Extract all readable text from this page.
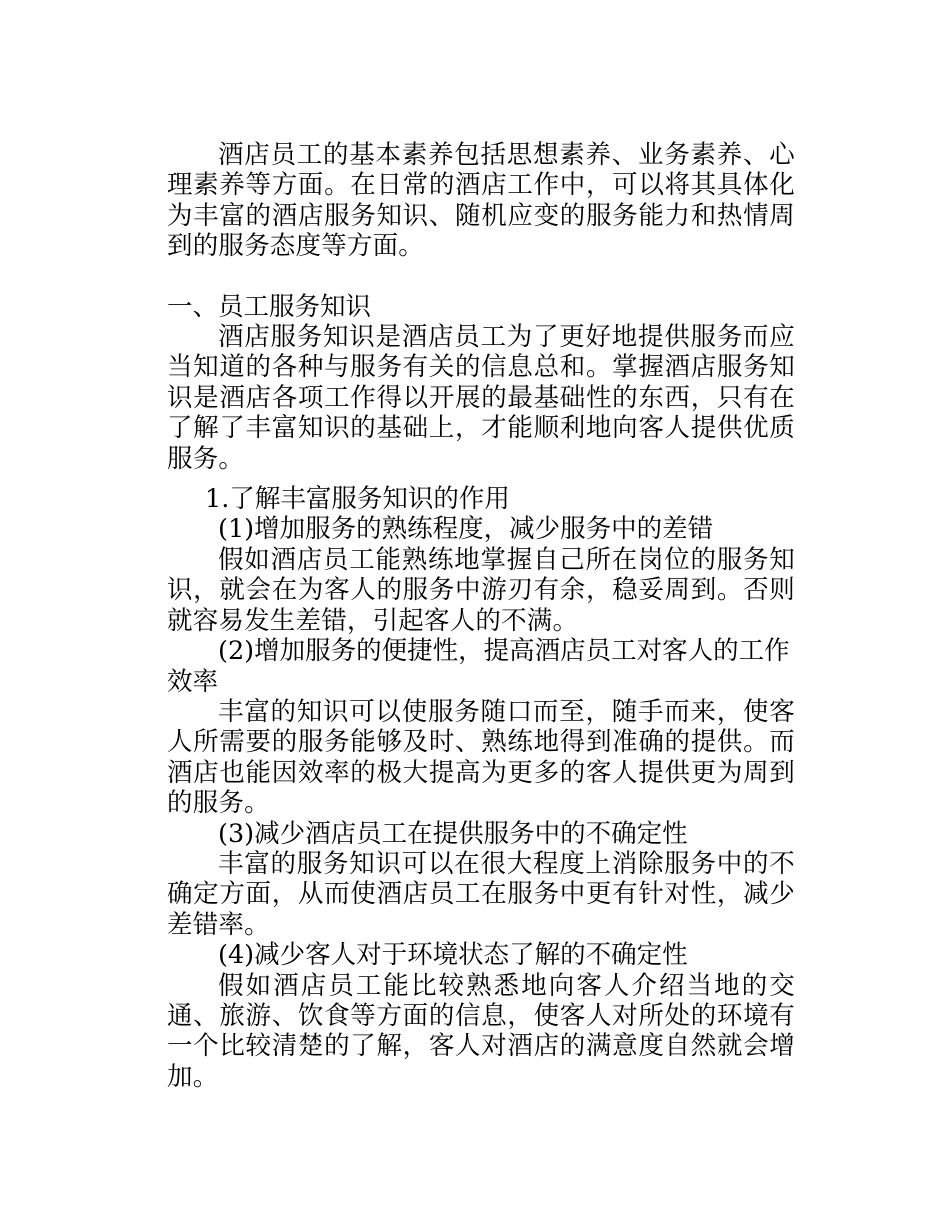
酒店员工的基本素养包括思想素养、业务素养、心理素养等方面。在日常的酒店工作中，可以将其具体化为丰富的酒店服务知识、随机应变的服务能力和热情周到的服务态度等方面。

一、员工服务知识

酒店服务知识是酒店员工为了更好地提供服务而应当知道的各种与服务有关的信息总和。掌握酒店服务知识是酒店各项工作得以开展的最基础性的东西，只有在了解了丰富知识的基础上，才能顺利地向客人提供优质服务。

1.了解丰富服务知识的作用

(1)增加服务的熟练程度，减少服务中的差错

假如酒店员工能熟练地掌握自己所在岗位的服务知识，就会在为客人的服务中游刃有余，稳妥周到。否则就容易发生差错，引起客人的不满。

(2)增加服务的便捷性，提高酒店员工对客人的工作效率

丰富的知识可以使服务随口而至，随手而来，使客人所需要的服务能够及时、熟练地得到准确的提供。而酒店也能因效率的极大提高为更多的客人提供更为周到的服务。

(3)减少酒店员工在提供服务中的不确定性

丰富的服务知识可以在很大程度上消除服务中的不确定方面，从而使酒店员工在服务中更有针对性，减少差错率。

(4)减少客人对于环境状态了解的不确定性

假如酒店员工能比较熟悉地向客人介绍当地的交通、旅游、饮食等方面的信息，使客人对所处的环境有一个比较清楚的了解，客人对酒店的满意度自然就会增加。
